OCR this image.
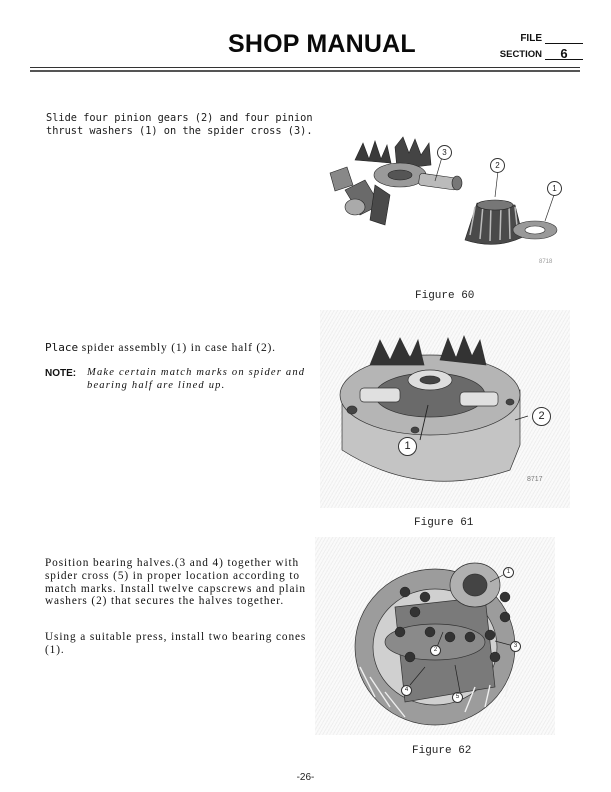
SHOP MANUAL	FILE
SECTION	6
Slide four pinion gears (2) and four pinion thrust washers (1) on the spider cross (3).
3
2
1
8718
Figure 60
Place spider assembly (1) in case half (2).
NOTE: Make certain match marks on spider and bearing half are lined up.
1
2
8717
Figure 61
Position bearing halves.(3 and 4) together with spider cross (5) in proper location according to match marks. Install twelve capscrews and plain washers (2) that secures the halves together.
Using a suitable press, install two bearing cones (1).
1
2
3
4
5
Figure 62
-26-
